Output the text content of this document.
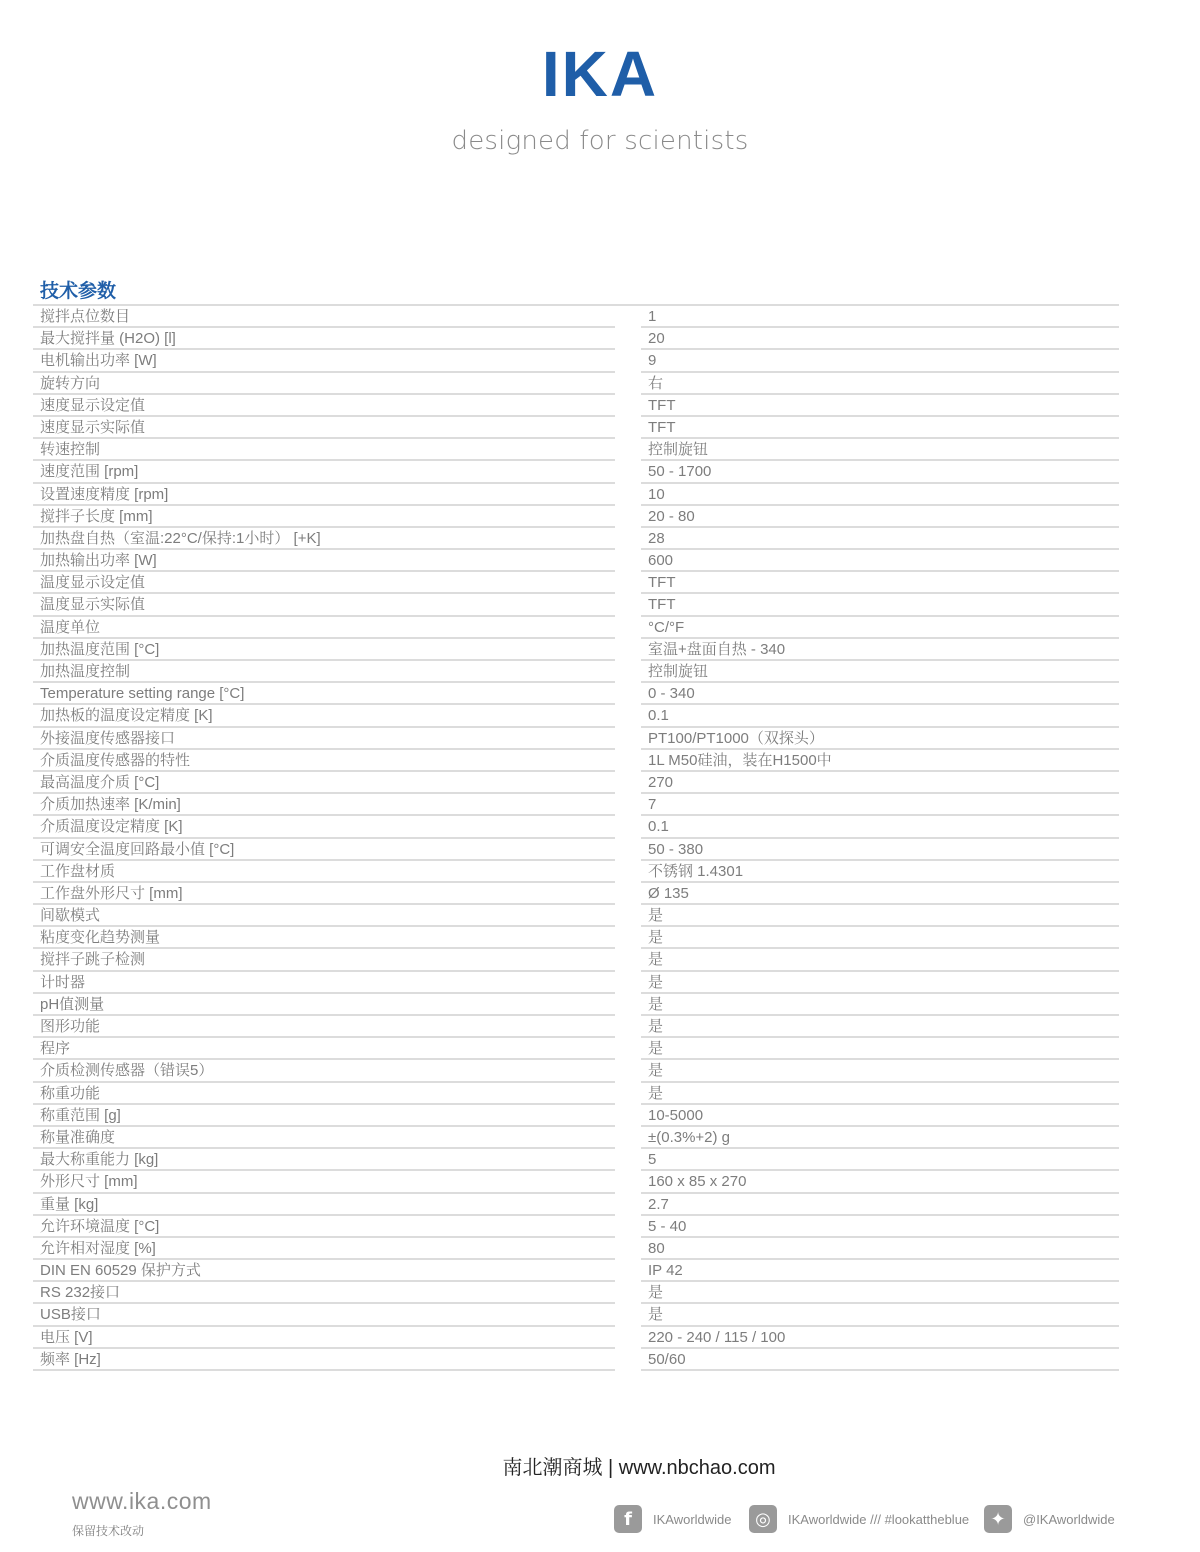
IKA
designed for scientists
技术参数
搅拌点位数目	1
最大搅拌量 (H2O) [l]	20
电机输出功率 [W]	9
旋转方向	右
速度显示设定值	TFT
速度显示实际值	TFT
转速控制	控制旋钮
速度范围 [rpm]	50 - 1700
设置速度精度 [rpm]	10
搅拌子长度 [mm]	20 - 80
加热盘自热（室温:22°C/保持:1小时） [+K]	28
加热输出功率 [W]	600
温度显示设定值	TFT
温度显示实际值	TFT
温度单位	°C/°F
加热温度范围 [°C]	室温+盘面自热 - 340
加热温度控制	控制旋钮
Temperature setting range [°C]	0 - 340
加热板的温度设定精度 [K]	0.1
外接温度传感器接口	PT100/PT1000（双探头）
介质温度传感器的特性	1L M50硅油，装在H1500中
最高温度介质 [°C]	270
介质加热速率 [K/min]	7
介质温度设定精度 [K]	0.1
可调安全温度回路最小值 [°C]	50 - 380
工作盘材质	不锈钢 1.4301
工作盘外形尺寸 [mm]	Ø 135
间歇模式	是
粘度变化趋势测量	是
搅拌子跳子检测	是
计时器	是
pH值测量	是
图形功能	是
程序	是
介质检测传感器（错误5）	是
称重功能	是
称重范围 [g]	10-5000
称量准确度	±(0.3%+2) g
最大称重能力 [kg]	5
外形尺寸 [mm]	160 x 85 x 270
重量 [kg]	2.7
允许环境温度 [°C]	5 - 40
允许相对湿度 [%]	80
DIN EN 60529 保护方式	IP 42
RS 232接口	是
USB接口	是
电压 [V]	220 - 240 / 115 / 100
频率 [Hz]	50/60
南北潮商城 | www.nbchao.com
www.ika.com
保留技术改动
f	IKAworldwide	◎	IKAworldwide /// #lookattheblue	✦	@IKAworldwide
